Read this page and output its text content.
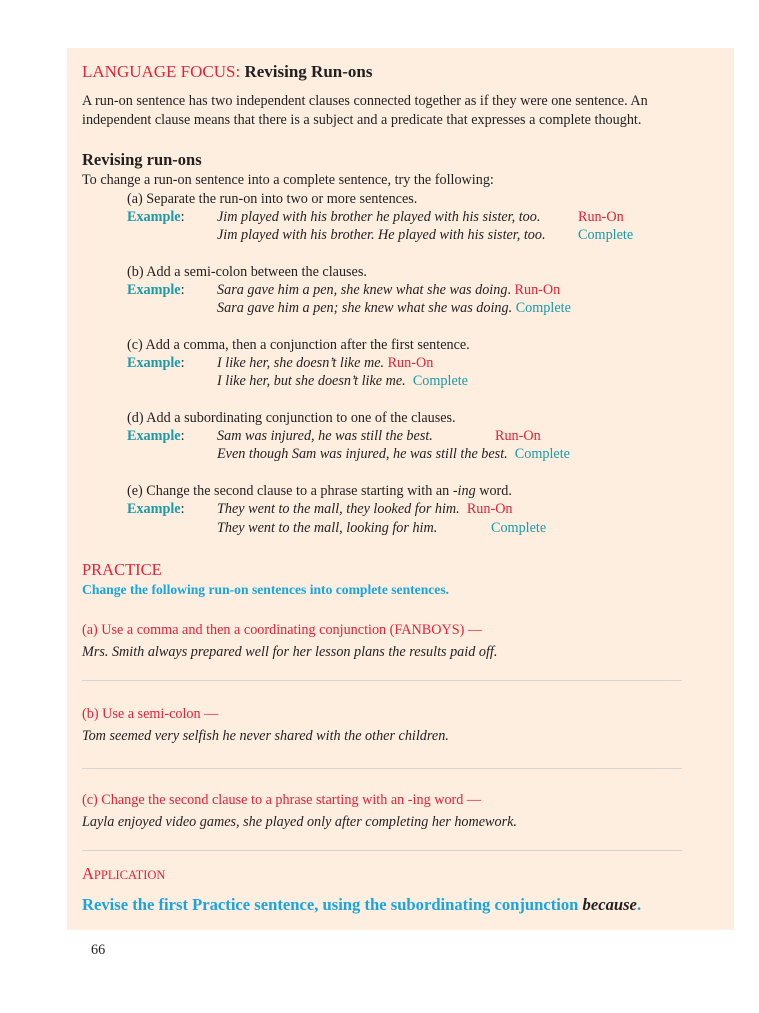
LANGUAGE FOCUS: Revising Run-ons
A run-on sentence has two independent clauses connected together as if they were one sentence. An
independent clause means that there is a subject and a predicate that expresses a complete thought.
Revising run-ons
To change a run-on sentence into a complete sentence, try the following:
(a) Separate the run-on into two or more sentences.
Example: Jim played with his brother he played with his sister, too.	Run-On
Jim played with his brother. He played with his sister, too. Complete
(b) Add a semi-colon between the clauses.
Example: Sara gave him a pen, she knew what she was doing. Run-On
Sara gave him a pen; she knew what she was doing. Complete
(c) Add a comma, then a conjunction after the first sentence.
Example: I like her, she doesn’t like me. Run-On
I like her, but she doesn’t like me. Complete
(d) Add a subordinating conjunction to one of the clauses.
Example: Sam was injured, he was still the best.	Run-On
Even though Sam was injured, he was still the best. Complete
(e) Change the second clause to a phrase starting with an -ing word.
Example: They went to the mall, they looked for him. Run-On
They went to the mall, looking for him.	Complete
PRACTICE
Change the following run-on sentences into complete sentences.
(a) Use a comma and then a coordinating conjunction (FANBOYS) —
Mrs. Smith always prepared well for her lesson plans the results paid off.
(b) Use a semi-colon —
Tom seemed very selfish he never shared with the other children.
(c) Change the second clause to a phrase starting with an -ing word —
Layla enjoyed video games, she played only after completing her homework.
APPLICATION
Revise the first Practice sentence, using the subordinating conjunction because.
66
